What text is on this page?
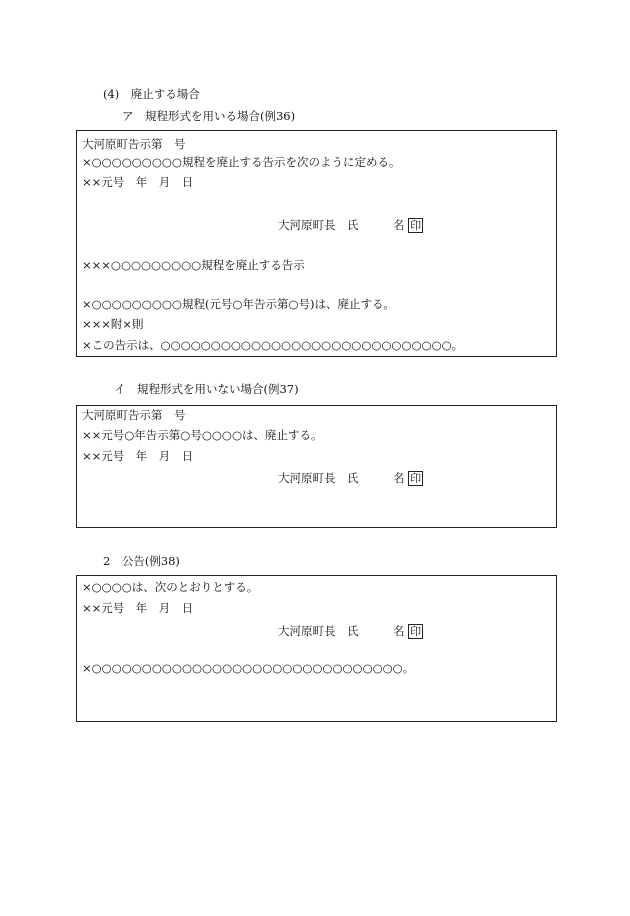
(4)　廃止する場合
ア　規程形式を用いる場合(例36)
大河原町告示第　号
×○○○○○○○○○規程を廃止する告示を次のように定める。
××元号　年　月　日
大河原町長　氏　　　名 印
×××○○○○○○○○○規程を廃止する告示
×○○○○○○○○○規程(元号○年告示第○号)は、廃止する。
×××附×則
×この告示は、○○○○○○○○○○○○○○○○○○○○○○○○○○○○○。
イ　規程形式を用いない場合(例37)
大河原町告示第　号
××元号○年告示第○号○○○○は、廃止する。
××元号　年　月　日
大河原町長　氏　　　名 印
2　公告(例38)
×○○○○は、次のとおりとする。
××元号　年　月　日
大河原町長　氏　　　名 印
×○○○○○○○○○○○○○○○○○○○○○○○○○○○○○○○。
